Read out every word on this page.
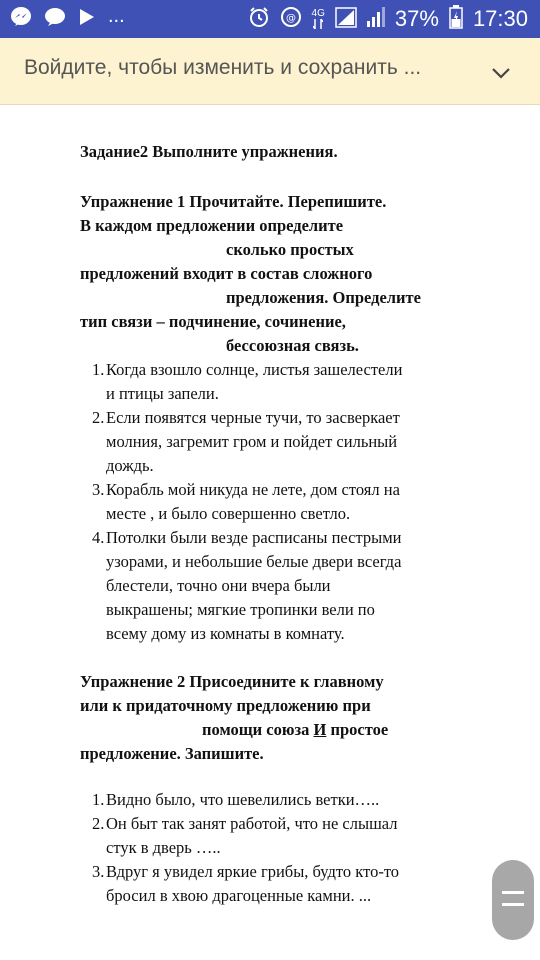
...	@ 4G	37% 17:30
Войдите, чтобы изменить и сохранить ...

Задание2 Выполните упражнения.

Упражнение 1 Прочитайте. Перепишите.

В каждом предложении определите

сколько простых

предложений входит в состав сложного

предложения. Определите

тип связи – подчинение, сочинение,

бессоюзная связь.

1. Когда взошло солнце, листья зашелестели
и птицы запели.
2. Если появятся черные тучи, то засверкает
молния, загремит гром и пойдет сильный
дождь.
3. Корабль мой никуда не лете, дом стоял на
месте , и было совершенно светло.
4. Потолки были везде расписаны пестрыми
узорами, и небольшие белые двери всегда
блестели, точно они вчера были
выкрашены; мягкие тропинки вели по
всему дому из комнаты в комнату.

Упражнение 2 Присоедините к главному

или к придаточному предложению при

помощи союза И простое

предложение. Запишите.

1. Видно было, что шевелились ветки…..
2. Он быт так занят работой, что не слышал
стук в дверь …..
3. Вдруг я увидел яркие грибы, будто кто-то
бросил в хвою драгоценные камни. ...
